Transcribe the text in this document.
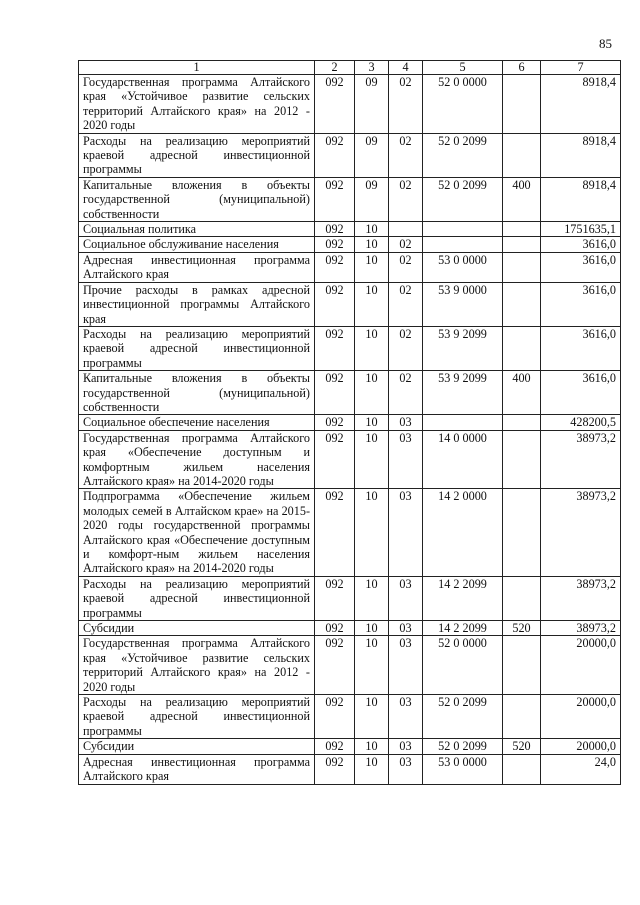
85
1	2	3	4	5	6	7
Государственная программа Алтайского края «Устойчивое развитие сельских территорий Алтайского края» на 2012 - 2020 годы	092	09	02	52 0 0000		8918,4
Расходы на реализацию мероприятий краевой адресной инвестиционной программы	092	09	02	52 0 2099		8918,4
Капитальные вложения в объекты государственной (муниципальной) собственности	092	09	02	52 0 2099	400	8918,4
Социальная политика	092	10				1751635,1
Социальное обслуживание населения	092	10	02			3616,0
Адресная инвестиционная программа Алтайского края	092	10	02	53 0 0000		3616,0
Прочие расходы в рамках адресной инвестиционной программы Алтайского края	092	10	02	53 9 0000		3616,0
Расходы на реализацию мероприятий краевой адресной инвестиционной программы	092	10	02	53 9 2099		3616,0
Капитальные вложения в объекты государственной (муниципальной) собственности	092	10	02	53 9 2099	400	3616,0
Социальное обеспечение населения	092	10	03			428200,5
Государственная программа Алтайского края «Обеспечение доступным и комфортным жильем населения Алтайского края» на 2014-2020 годы	092	10	03	14 0 0000		38973,2
Подпрограмма «Обеспечение жильем молодых семей в Алтайском крае» на 2015-2020 годы государственной программы Алтайского края «Обеспечение доступным и комфорт-ным жильем населения Алтайского края» на 2014-2020 годы	092	10	03	14 2 0000		38973,2
Расходы на реализацию мероприятий краевой адресной инвестиционной программы	092	10	03	14 2 2099		38973,2
Субсидии	092	10	03	14 2 2099	520	38973,2
Государственная программа Алтайского края «Устойчивое развитие сельских территорий Алтайского края» на 2012 - 2020 годы	092	10	03	52 0 0000		20000,0
Расходы на реализацию мероприятий краевой адресной инвестиционной программы	092	10	03	52 0 2099		20000,0
Субсидии	092	10	03	52 0 2099	520	20000,0
Адресная инвестиционная программа Алтайского края	092	10	03	53 0 0000		24,0
